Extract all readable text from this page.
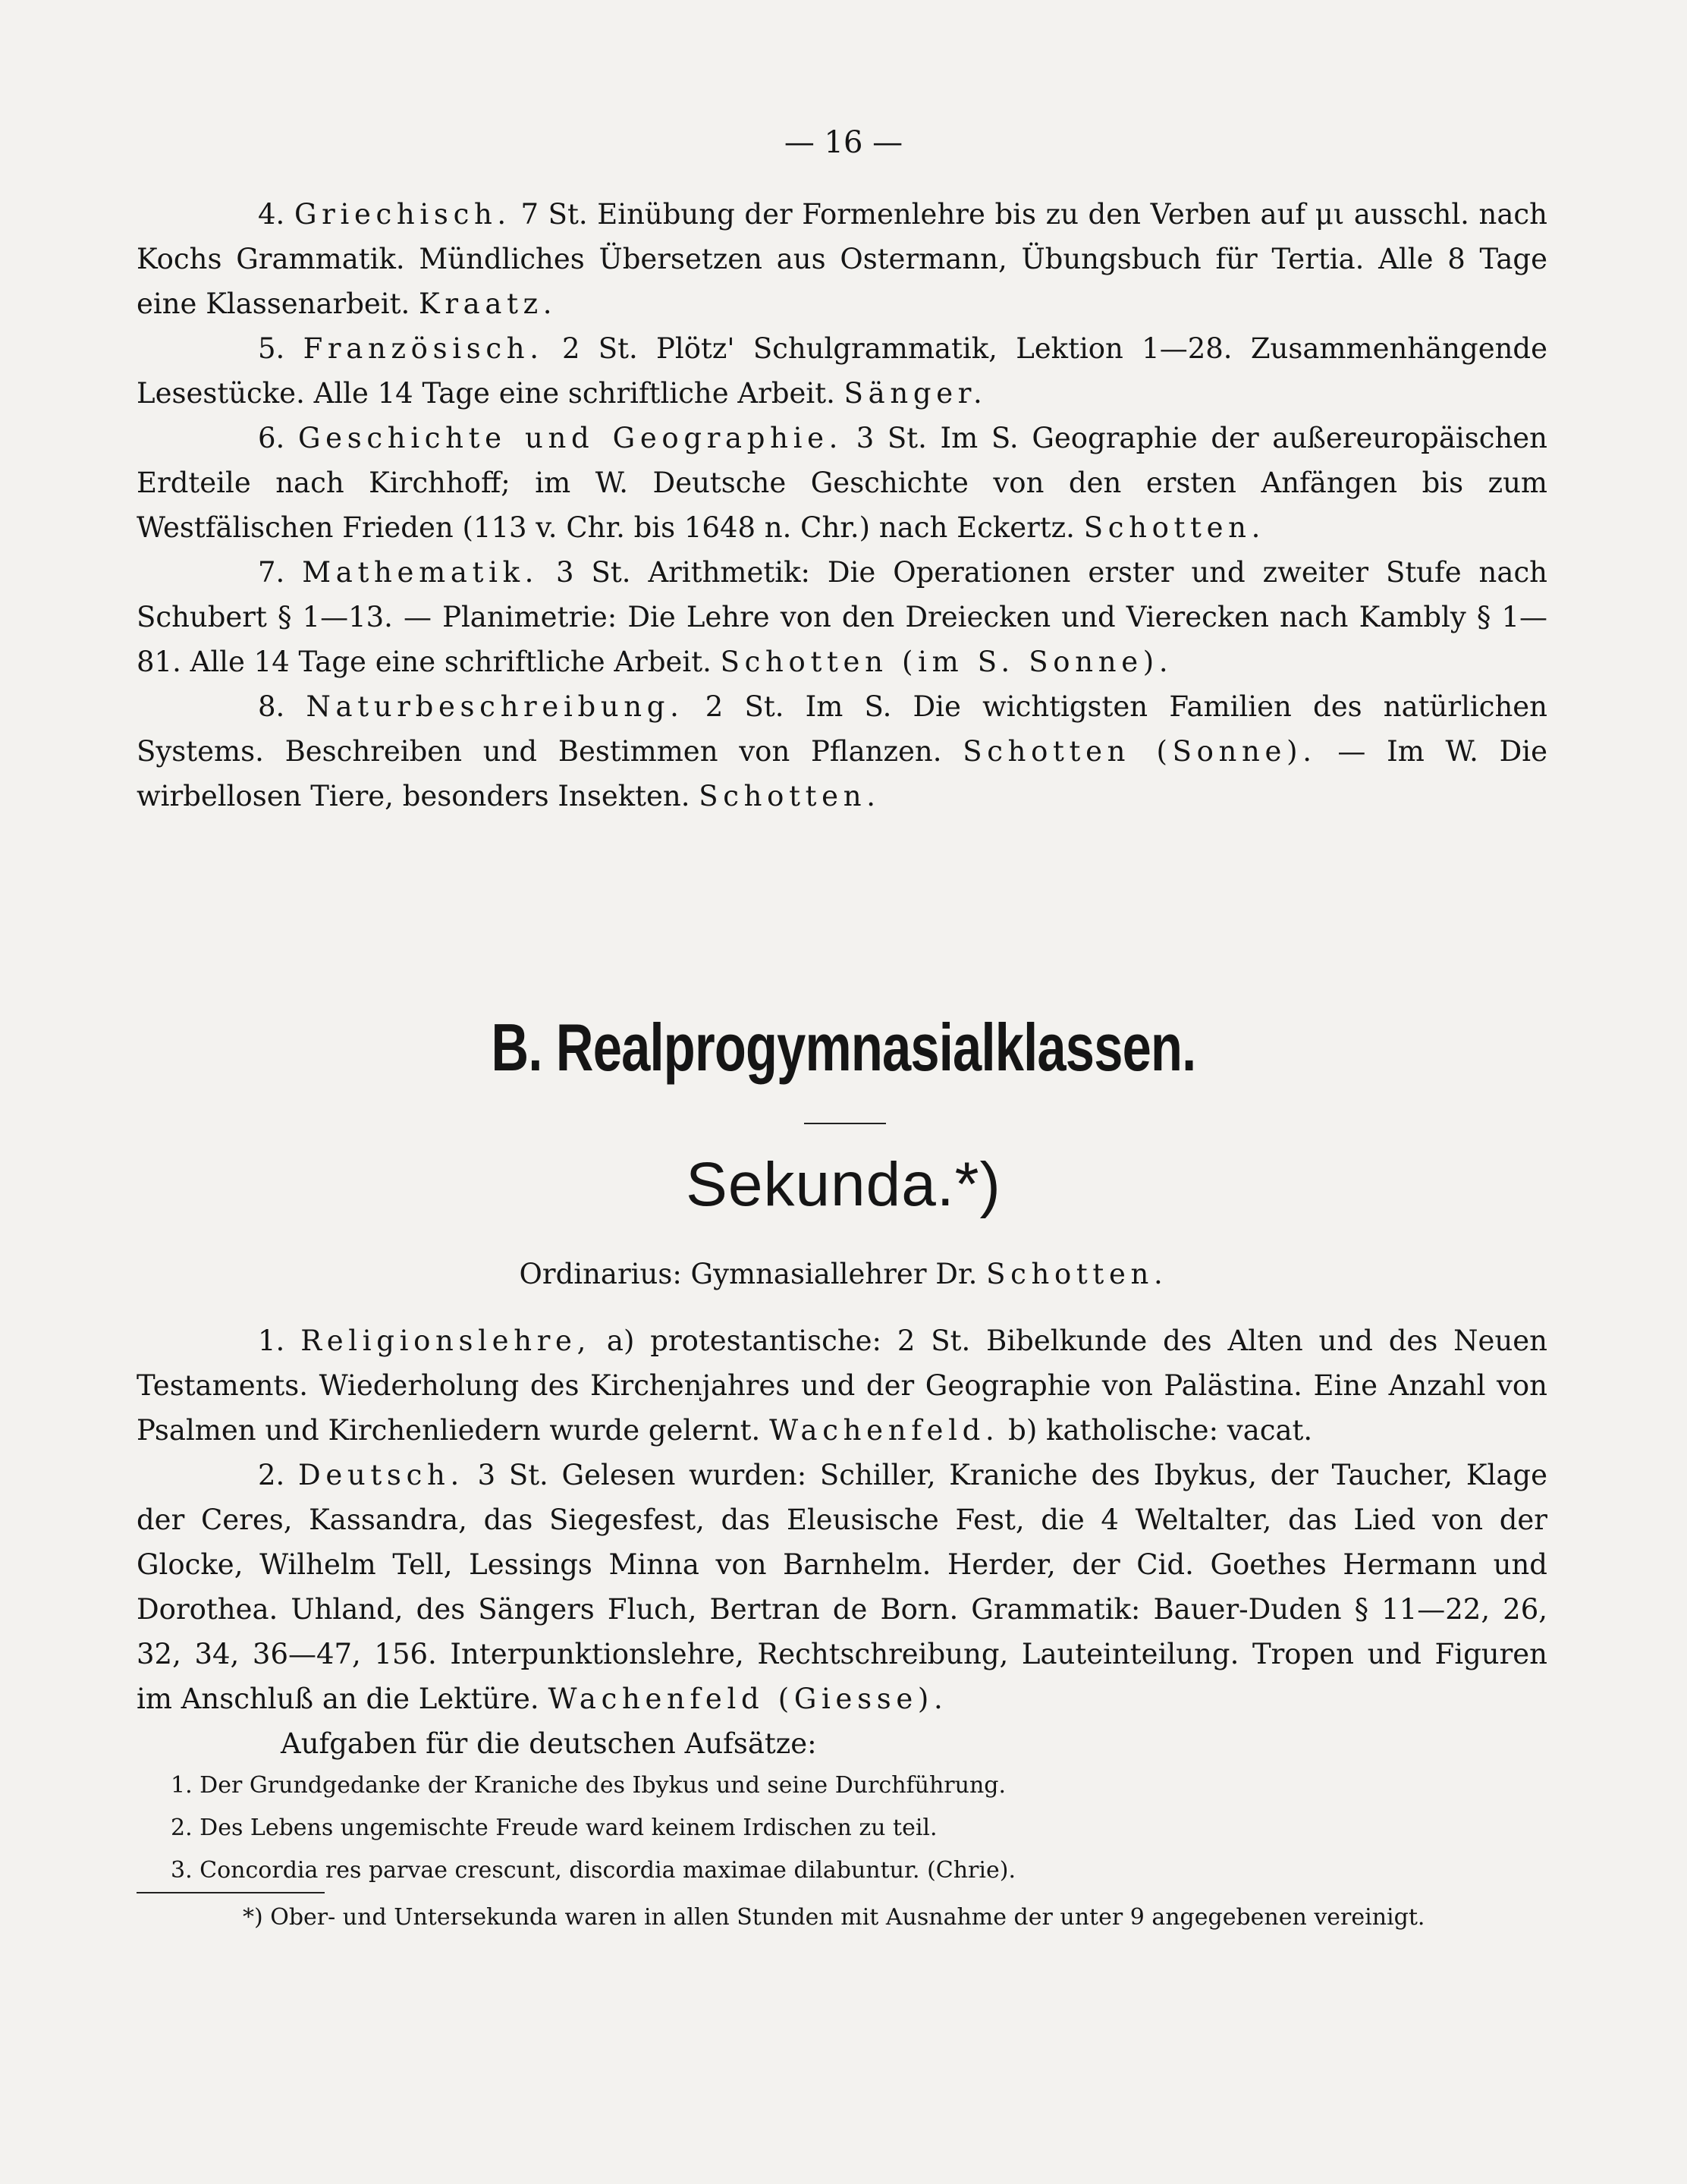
— 16 —

4. Griechisch. 7 St. Einübung der Formenlehre bis zu den Verben auf μι ausschl. nach Kochs Grammatik. Mündliches Übersetzen aus Ostermann, Übungsbuch für Tertia. Alle 8 Tage eine Klassenarbeit. Kraatz.

5. Französisch. 2 St. Plötz' Schulgrammatik, Lektion 1—28. Zusammenhängende Lesestücke. Alle 14 Tage eine schriftliche Arbeit. Sänger.

6. Geschichte und Geographie. 3 St. Im S. Geographie der außereuropäischen Erdteile nach Kirchhoff; im W. Deutsche Geschichte von den ersten Anfängen bis zum Westfälischen Frieden (113 v. Chr. bis 1648 n. Chr.) nach Eckertz. Schotten.

7. Mathematik. 3 St. Arithmetik: Die Operationen erster und zweiter Stufe nach Schubert § 1—13. — Planimetrie: Die Lehre von den Dreiecken und Vierecken nach Kambly § 1—81. Alle 14 Tage eine schriftliche Arbeit. Schotten (im S. Sonne).

8. Naturbeschreibung. 2 St. Im S. Die wichtigsten Familien des natürlichen Systems. Beschreiben und Bestimmen von Pflanzen. Schotten (Sonne). — Im W. Die wirbellosen Tiere, besonders Insekten. Schotten.

B. Realprogymnasialklassen.
Sekunda.*)
Ordinarius: Gymnasiallehrer Dr. Schotten.

1. Religionslehre, a) protestantische: 2 St. Bibelkunde des Alten und des Neuen Testaments. Wiederholung des Kirchenjahres und der Geographie von Palästina. Eine Anzahl von Psalmen und Kirchenliedern wurde gelernt. Wachenfeld. b) katholische: vacat.

2. Deutsch. 3 St. Gelesen wurden: Schiller, Kraniche des Ibykus, der Taucher, Klage der Ceres, Kassandra, das Siegesfest, das Eleusische Fest, die 4 Weltalter, das Lied von der Glocke, Wilhelm Tell, Lessings Minna von Barnhelm. Herder, der Cid. Goethes Hermann und Dorothea. Uhland, des Sängers Fluch, Bertran de Born. Grammatik: Bauer-Duden § 11—22, 26, 32, 34, 36—47, 156. Interpunktionslehre, Rechtschreibung, Lauteinteilung. Tropen und Figuren im Anschluß an die Lektüre. Wachenfeld (Giesse).

Aufgaben für die deutschen Aufsätze:

1. Der Grundgedanke der Kraniche des Ibykus und seine Durchführung.
2. Des Lebens ungemischte Freude ward keinem Irdischen zu teil.
3. Concordia res parvae crescunt, discordia maximae dilabuntur. (Chrie).
*) Ober- und Untersekunda waren in allen Stunden mit Ausnahme der unter 9 angegebenen vereinigt.
